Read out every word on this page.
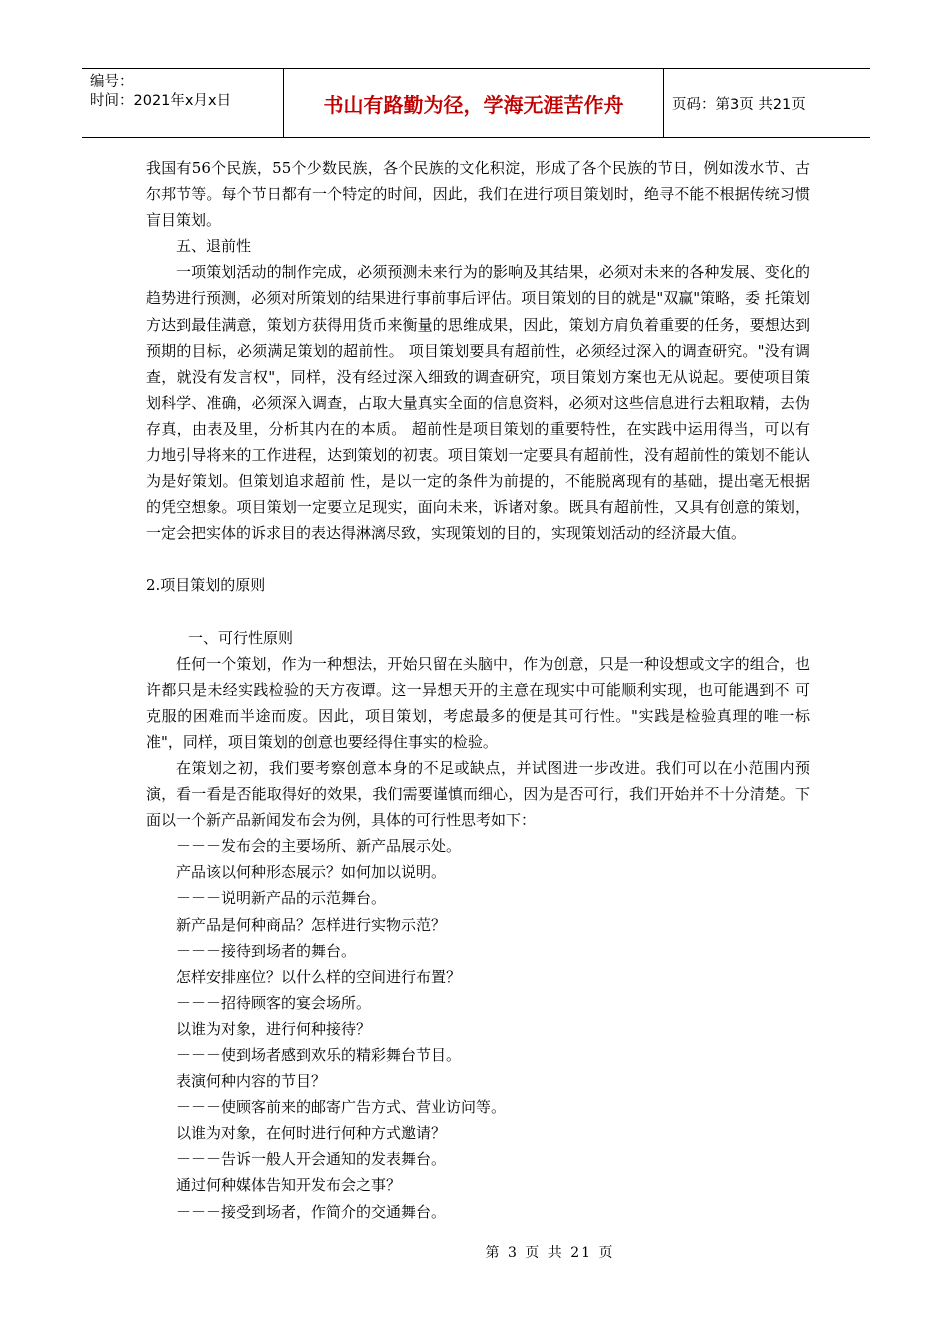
编号：
时间：2021年x月x日	书山有路勤为径，学海无涯苦作舟	页码：第3页 共21页

我国有56个民族，55个少数民族，各个民族的文化积淀，形成了各个民族的节日，例如泼水节、古尔邦节等。每个节日都有一个特定的时间，因此，我们在进行项目策划时，绝寻不能不根据传统习惯盲目策划。

五、退前性

一项策划活动的制作完成，必须预测未来行为的影响及其结果，必须对未来的各种发展、变化的趋势进行预测，必须对所策划的结果进行事前事后评估。项目策划的目的就是"双赢"策略，委 托策划方达到最佳满意，策划方获得用货币来衡量的思维成果，因此，策划方肩负着重要的任务，要想达到预期的目标，必须满足策划的超前性。 项目策划要具有超前性，必须经过深入的调查研究。"没有调查，就没有发言权"，同样，没有经过深入细致的调查研究，项目策划方案也无从说起。要使项目策划科学、准确，必须深入调查，占取大量真实全面的信息资料，必须对这些信息进行去粗取精，去伪存真，由表及里，分析其内在的本质。 超前性是项目策划的重要特性，在实践中运用得当，可以有力地引导将来的工作进程，达到策划的初衷。项目策划一定要具有超前性，没有超前性的策划不能认为是好策划。但策划追求超前 性，是以一定的条件为前提的，不能脱离现有的基础，提出毫无根据的凭空想象。项目策划一定要立足现实，面向未来，诉诸对象。既具有超前性，又具有创意的策划，一定会把实体的诉求目的表达得淋漓尽致，实现策划的目的，实现策划活动的经济最大值。

2.项目策划的原则

一、可行性原则

任何一个策划，作为一种想法，开始只留在头脑中，作为创意，只是一种设想或文字的组合，也许都只是未经实践检验的天方夜谭。这一异想天开的主意在现实中可能顺利实现，也可能遇到不 可克服的困难而半途而废。因此，项目策划，考虑最多的便是其可行性。"实践是检验真理的唯一标准"，同样，项目策划的创意也要经得住事实的检验。

在策划之初，我们要考察创意本身的不足或缺点，并试图进一步改进。我们可以在小范围内预演，看一看是否能取得好的效果，我们需要谨慎而细心，因为是否可行，我们开始并不十分清楚。下面以一个新产品新闻发布会为例，具体的可行性思考如下：

－－－发布会的主要场所、新产品展示处。

产品该以何种形态展示？如何加以说明。

－－－说明新产品的示范舞台。

新产品是何种商品？怎样进行实物示范？

－－－接待到场者的舞台。

怎样安排座位？以什么样的空间进行布置？

－－－招待顾客的宴会场所。

以谁为对象，进行何种接待？

－－－使到场者感到欢乐的精彩舞台节目。

表演何种内容的节目？

－－－使顾客前来的邮寄广告方式、营业访问等。

以谁为对象，在何时进行何种方式邀请？

－－－告诉一般人开会通知的发表舞台。

通过何种媒体告知开发布会之事？

－－－接受到场者，作简介的交通舞台。

第 3 页 共 21 页
